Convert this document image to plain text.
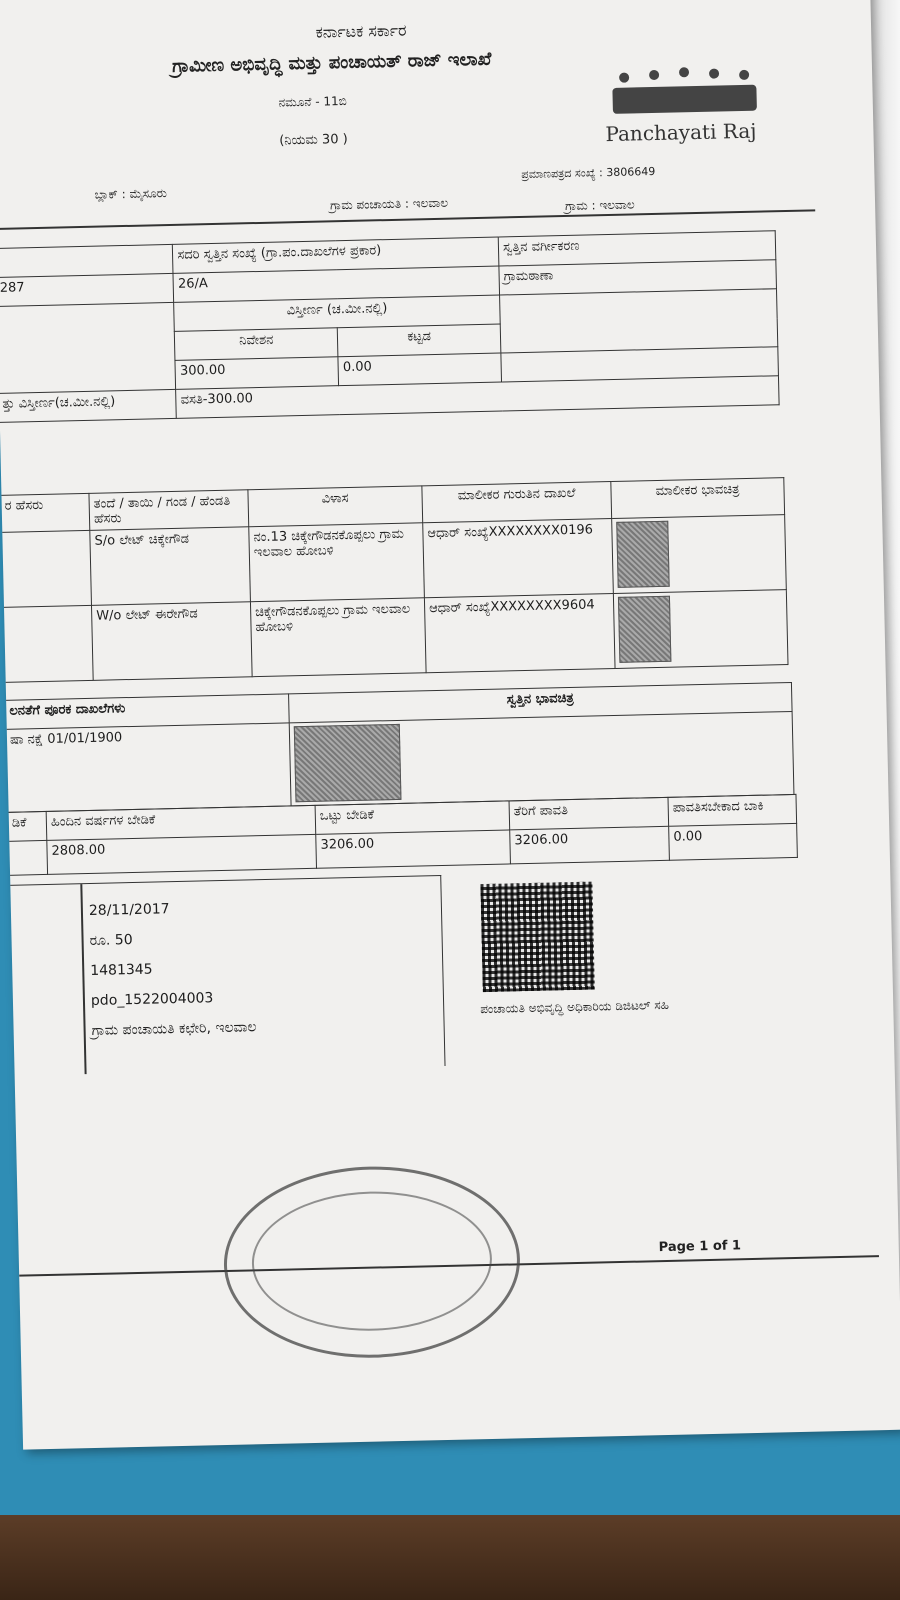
ಕರ್ನಾಟಕ ಸರ್ಕಾರ
ಗ್ರಾಮೀಣ ಅಭಿವೃದ್ಧಿ ಮತ್ತು ಪಂಚಾಯತ್ ರಾಜ್ ಇಲಾಖೆ
ನಮೂನೆ - 11ಬಿ
(ನಿಯಮ 30 )	Panchayati Raj
ಪ್ರಮಾಣಪತ್ರದ ಸಂಖ್ಯೆ : 3806649
ಬ್ಲಾಕ್ : ಮೈಸೂರು
ಗ್ರಾಮ ಪಂಚಾಯತಿ : ಇಲವಾಲ	ಗ್ರಾಮ : ಇಲವಾಲ
	ಸದರಿ ಸ್ವತ್ತಿನ ಸಂಖ್ಯೆ (ಗ್ರಾ.ಪಂ.ದಾಖಲೆಗಳ ಪ್ರಕಾರ)		ಸ್ವತ್ತಿನ ವರ್ಗೀಕರಣ
287	26/A		ಗ್ರಾಮಠಾಣಾ
	ವಿಸ್ತೀರ್ಣ (ಚ.ಮೀ.ನಲ್ಲಿ)		
	ನಿವೇಶನ	ಕಟ್ಟಡ	
	300.00	0.00	
ತ್ತು ವಿಸ್ತೀರ್ಣ(ಚ.ಮೀ.ನಲ್ಲಿ)	ವಸತಿ-300.00		
ರ ಹೆಸರು	ತಂದೆ / ತಾಯಿ / ಗಂಡ / ಹೆಂಡತಿ ಹೆಸರು	ವಿಳಾಸ	ಮಾಲೀಕರ ಗುರುತಿನ ದಾಖಲೆ	ಮಾಲೀಕರ ಭಾವಚಿತ್ರ
	S/o ಲೇಟ್ ಚಿಕ್ಕೇಗೌಡ	ನಂ.13 ಚಿಕ್ಕೇಗೌಡನಕೊಪ್ಪಲು ಗ್ರಾಮ ಇಲವಾಲ ಹೋಬಳಿ	ಆಧಾರ್ ಸಂಖ್ಯೆXXXXXXXX0196	

	W/o ಲೇಟ್ ಈರೇಗೌಡ	ಚಿಕ್ಕೇಗೌಡನಕೊಪ್ಪಲು ಗ್ರಾಮ ಇಲವಾಲ ಹೋಬಳಿ	ಆಧಾರ್ ಸಂಖ್ಯೆXXXXXXXX9604	
ಲನತೆಗೆ ಪೂರಕ ದಾಖಲೆಗಳು	ಸ್ವತ್ತಿನ ಭಾವಚಿತ್ರ
ಷಾ ನಕ್ಷೆ 01/01/1900	
ಡಿಕೆ	ಹಿಂದಿನ ವರ್ಷಗಳ ಬೇಡಿಕೆ	ಒಟ್ಟು ಬೇಡಿಕೆ	ತೆರಿಗೆ ಪಾವತಿ	ಪಾವತಿಸಬೇಕಾದ ಬಾಕಿ
	2808.00	3206.00	3206.00	0.00
28/11/2017
ರೂ. 50
1481345
pdo_1522004003
ಗ್ರಾಮ ಪಂಚಾಯತಿ ಕಛೇರಿ, ಇಲವಾಲ
ಪಂಚಾಯತಿ ಅಭಿವೃದ್ಧಿ ಅಧಿಕಾರಿಯ ಡಿಜಿಟಲ್ ಸಹಿ
Page 1 of 1
